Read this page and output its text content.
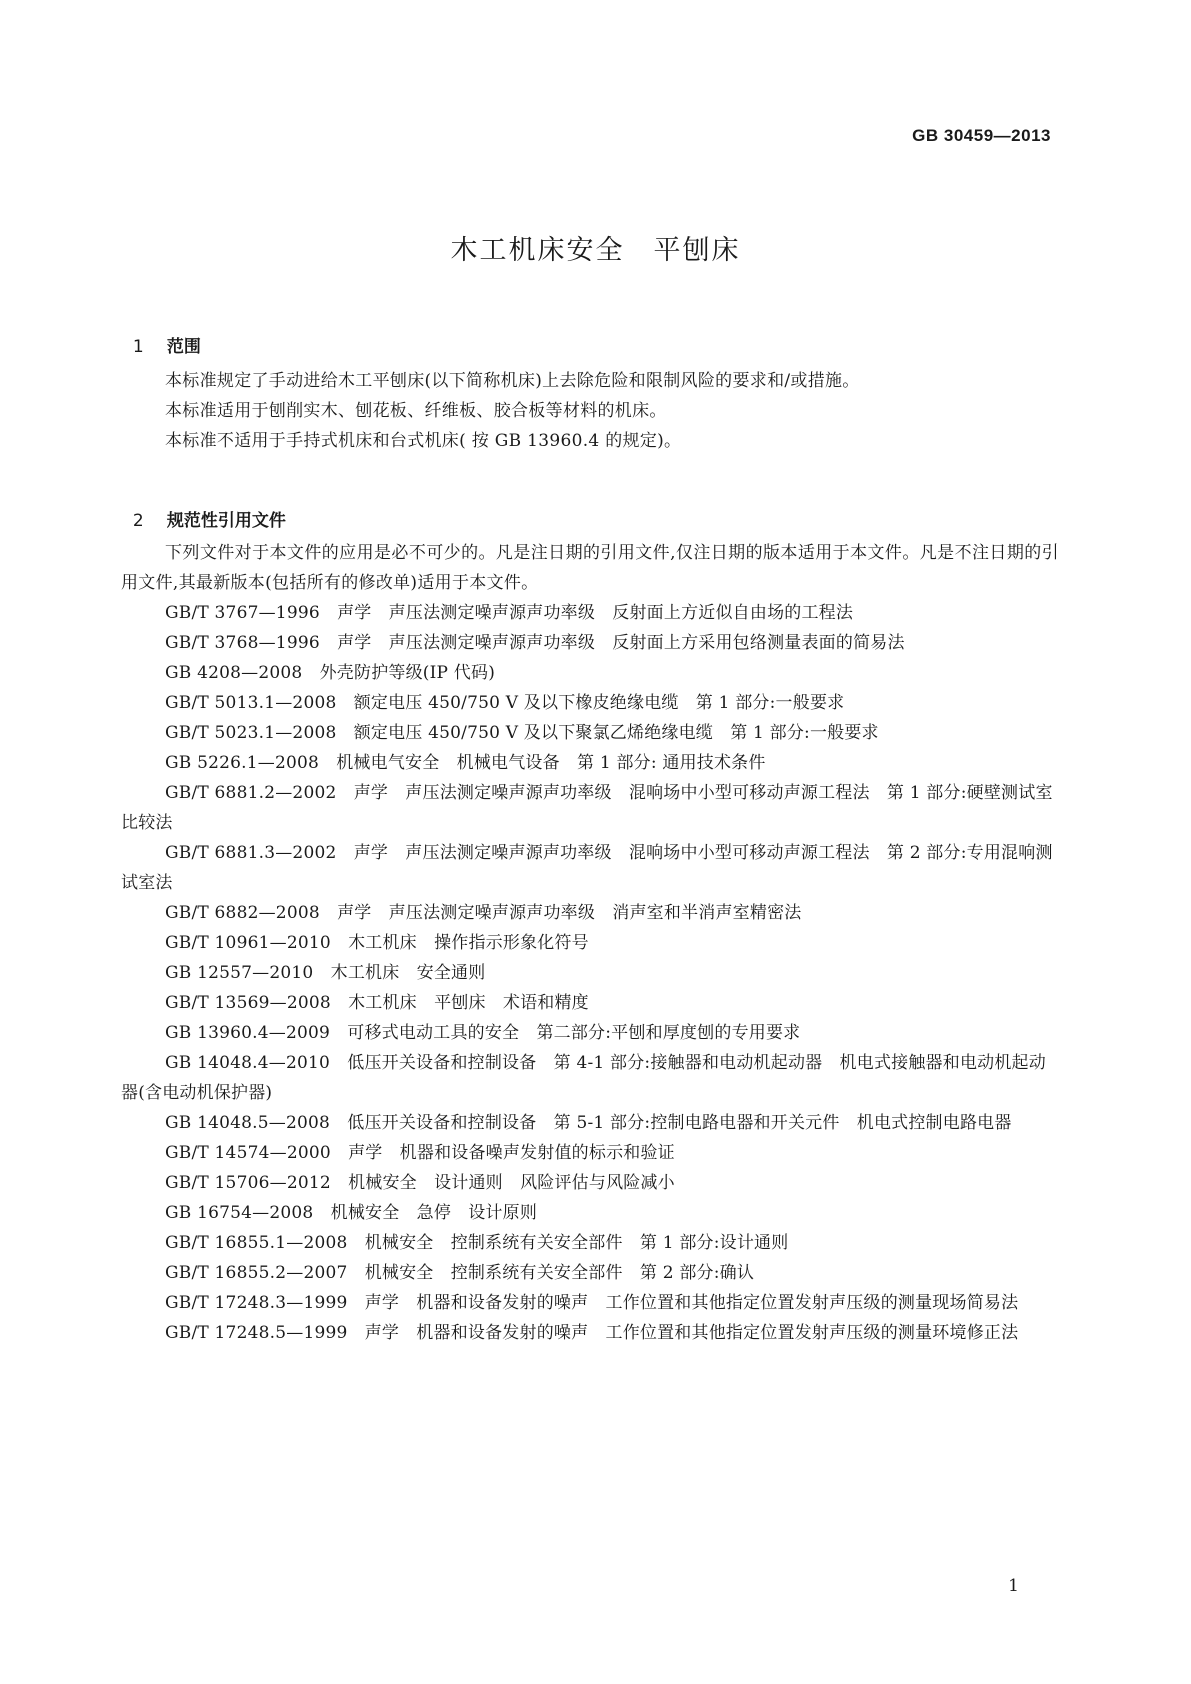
GB 30459—2013
木工机床安全　平刨床

1 范围

本标准规定了手动进给木工平刨床(以下简称机床)上去除危险和限制风险的要求和/或措施。

本标准适用于刨削实木、刨花板、纤维板、胶合板等材料的机床。

本标准不适用于手持式机床和台式机床( 按 GB 13960.4 的规定)。

2 规范性引用文件

下列文件对于本文件的应用是必不可少的。凡是注日期的引用文件,仅注日期的版本适用于本文件。凡是不注日期的引用文件,其最新版本(包括所有的修改单)适用于本文件。

GB/T 3767—1996　声学　声压法测定噪声源声功率级　反射面上方近似自由场的工程法

GB/T 3768—1996　声学　声压法测定噪声源声功率级　反射面上方采用包络测量表面的简易法

GB 4208—2008　外壳防护等级(IP 代码)

GB/T 5013.1—2008　额定电压 450/750 V 及以下橡皮绝缘电缆　第 1 部分:一般要求

GB/T 5023.1—2008　额定电压 450/750 V 及以下聚氯乙烯绝缘电缆　第 1 部分:一般要求

GB 5226.1—2008　机械电气安全　机械电气设备　第 1 部分: 通用技术条件

GB/T 6881.2—2002　声学　声压法测定噪声源声功率级　混响场中小型可移动声源工程法　第 1 部分:硬壁测试室比较法

GB/T 6881.3—2002　声学　声压法测定噪声源声功率级　混响场中小型可移动声源工程法　第 2 部分:专用混响测试室法

GB/T 6882—2008　声学　声压法测定噪声源声功率级　消声室和半消声室精密法

GB/T 10961—2010　木工机床　操作指示形象化符号

GB 12557—2010　木工机床　安全通则

GB/T 13569—2008　木工机床　平刨床　术语和精度

GB 13960.4—2009　可移式电动工具的安全　第二部分:平刨和厚度刨的专用要求

GB 14048.4—2010　低压开关设备和控制设备　第 4-1 部分:接触器和电动机起动器　机电式接触器和电动机起动器(含电动机保护器)

GB 14048.5—2008　低压开关设备和控制设备　第 5-1 部分:控制电路电器和开关元件　机电式控制电路电器

GB/T 14574—2000　声学　机器和设备噪声发射值的标示和验证

GB/T 15706—2012　机械安全　设计通则　风险评估与风险减小

GB 16754—2008　机械安全　急停　设计原则

GB/T 16855.1—2008　机械安全　控制系统有关安全部件　第 1 部分:设计通则

GB/T 16855.2—2007　机械安全　控制系统有关安全部件　第 2 部分:确认

GB/T 17248.3—1999　声学　机器和设备发射的噪声　工作位置和其他指定位置发射声压级的测量现场简易法

GB/T 17248.5—1999　声学　机器和设备发射的噪声　工作位置和其他指定位置发射声压级的测量环境修正法

1
